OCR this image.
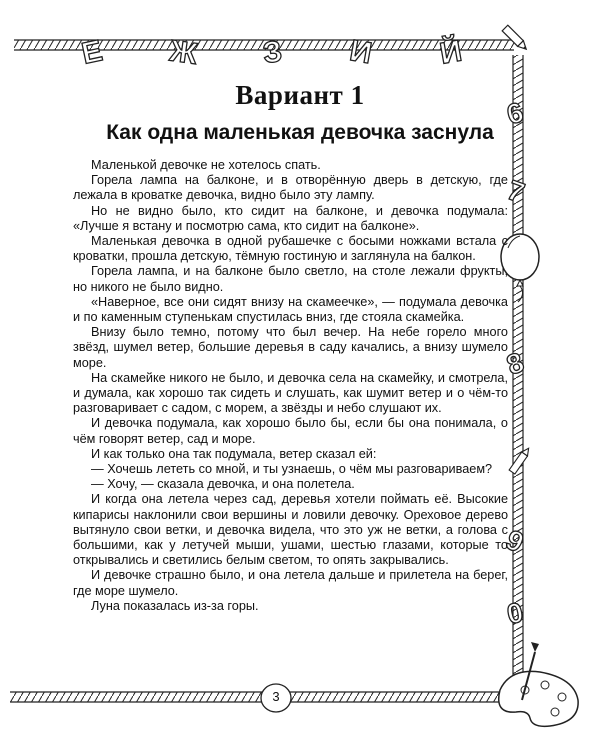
Е Ж З И Й
6
7
8
9
0
Вариант 1
Как одна маленькая девочка заснула

Маленькой девочке не хотелось спать.

Горела лампа на балконе, и в отворённую дверь в детскую, где лежала в кроватке девочка, видно было эту лампу.

Но не видно было, кто сидит на балконе, и девочка подумала: «Лучше я встану и посмотрю сама, кто сидит на балконе».

Маленькая девочка в одной рубашечке с босыми ножками встала с кроватки, прошла детскую, тёмную гостиную и заглянула на балкон.

Горела лампа, и на балконе было светло, на столе лежали фрукты, но никого не было видно.

«Наверное, все они сидят внизу на скамеечке», — подумала девочка и по каменным ступенькам спустилась вниз, где стояла скамейка.

Внизу было темно, потому что был вечер. На небе горело много звёзд, шумел ветер, большие деревья в саду качались, а внизу шумело море.

На скамейке никого не было, и девочка села на скамейку, и смотрела, и думала, как хорошо так сидеть и слушать, как шумит ветер и о чём-то разговаривает с садом, с морем, а звёзды и небо слушают их.

И девочка подумала, как хорошо было бы, если бы она понимала, о чём говорят ветер, сад и море.

И как только она так подумала, ветер сказал ей:

— Хочешь лететь со мной, и ты узнаешь, о чём мы разговариваем?

— Хочу, — сказала девочка, и она полетела.

И когда она летела через сад, деревья хотели поймать её. Высокие кипарисы наклонили свои вершины и ловили девочку. Ореховое дерево вытянуло свои ветки, и девочка видела, что это уж не ветки, а голова с большими, как у летучей мыши, ушами, шестью глазами, которые то открывались и светились белым светом, то опять закрывались.

И девочке страшно было, и она летела дальше и прилетела на берег, где море шумело.

Луна показалась из-за горы.

3
